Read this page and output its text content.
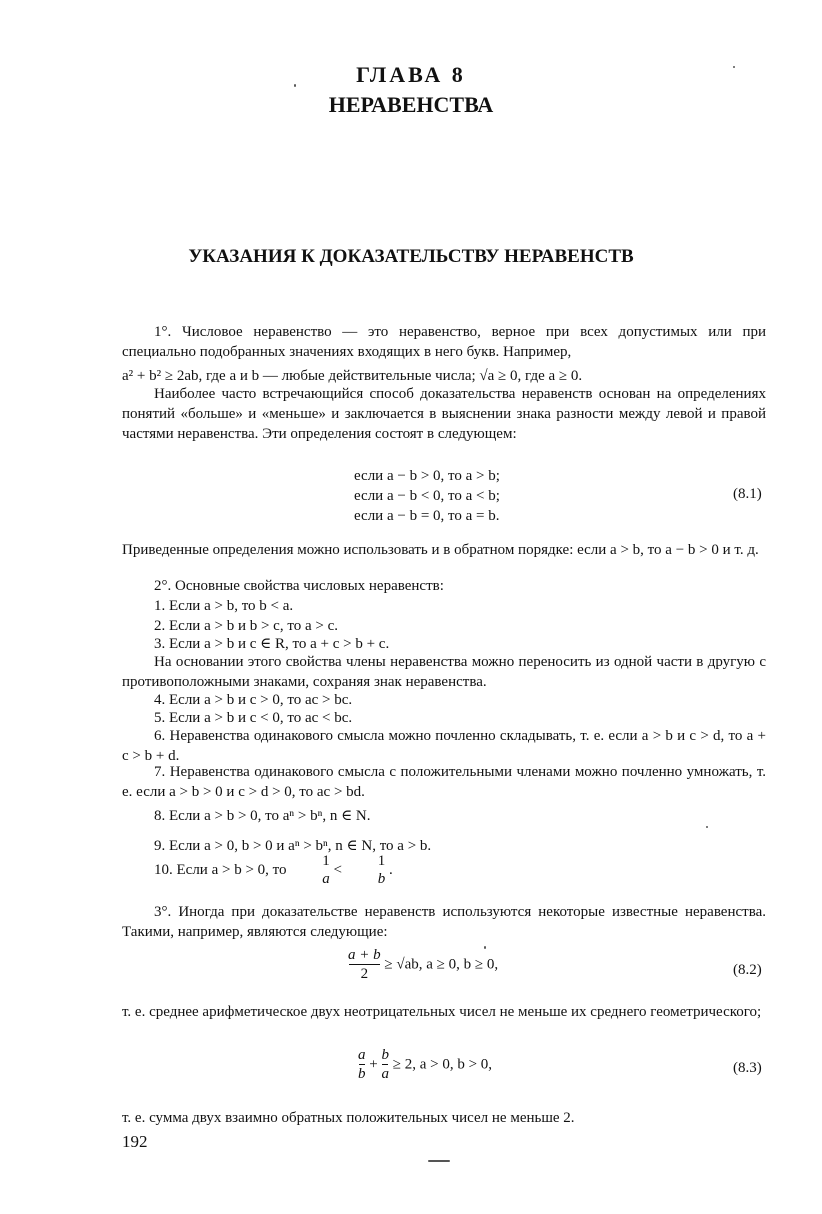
ГЛАВА 8
НЕРАВЕНСТВА
УКАЗАНИЯ К ДОКАЗАТЕЛЬСТВУ НЕРАВЕНСТВ
1°. Числовое неравенство — это неравенство, верное при всех допустимых или при специально подобранных значениях входящих в него букв. Например,
a² + b² ≥ 2ab, где a и b — любые действительные числа; √a ≥ 0, где a ≥ 0.
Наиболее часто встречающийся способ доказательства неравенств основан на определениях понятий «больше» и «меньше» и заключается в выяснении знака разности между левой и правой частями неравенства. Эти определения состоят в следующем:
если a − b > 0, то a > b;
если a − b < 0, то a < b;
если a − b = 0, то a = b.
(8.1)
Приведенные определения можно использовать и в обратном порядке: если a > b, то a − b > 0 и т. д.
2°. Основные свойства числовых неравенств:
1. Если a > b, то b < a.
2. Если a > b и b > c, то a > c.
3. Если a > b и c ∈ R, то a + c > b + c.
На основании этого свойства члены неравенства можно переносить из одной части в другую с противоположными знаками, сохраняя знак неравенства.
4. Если a > b и c > 0, то ac > bc.
5. Если a > b и c < 0, то ac < bc.
6. Неравенства одинакового смысла можно почленно складывать, т. е. если a > b и c > d, то a + c > b + d.
7. Неравенства одинакового смысла с положительными членами можно почленно умножать, т. е. если a > b > 0 и c > d > 0, то ac > bd.
8. Если a > b > 0, то aⁿ > bⁿ, n ∈ N.
9. Если a > 0, b > 0 и aⁿ > bⁿ, n ∈ N, то a > b.
10. Если a > b > 0, то
1
a
<
1
b
.
3°. Иногда при доказательстве неравенств используются некоторые известные неравенства. Такими, например, являются следующие:
$\frac{a + b}{2} \ge √ab$, a ≥ 0, b ≥ 0,	(8.2)
т. е. среднее арифметическое двух неотрицательных чисел не меньше их среднего геометрического;
$\frac{a}{b} + \frac{b}{a} \ge 2$, a > 0, b > 0,	(8.3)
т. е. сумма двух взаимно обратных положительных чисел не меньше 2.
192
